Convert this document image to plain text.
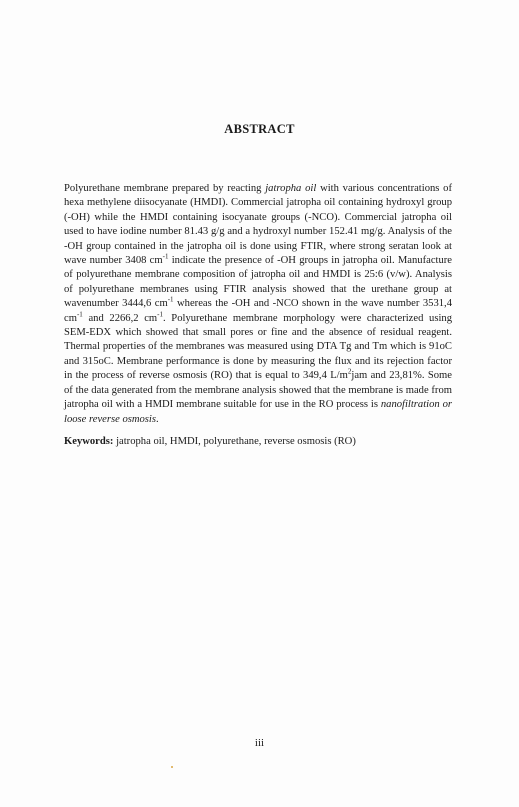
ABSTRACT
Polyurethane membrane prepared by reacting jatropha oil with various concentrations of hexa methylene diisocyanate (HMDI). Commercial jatropha oil containing hydroxyl group (-OH) while the HMDI containing isocyanate groups (-NCO). Commercial jatropha oil used to have iodine number 81.43 g/g and a hydroxyl number 152.41 mg/g. Analysis of the -OH group contained in the jatropha oil is done using FTIR, where strong seratan look at wave number 3408 $cm^{-1}$ indicate the presence of -OH groups in jatropha oil. Manufacture of polyurethane membrane composition of jatropha oil and HMDI is 25:6 (v/w). Analysis of polyurethane membranes using FTIR analysis showed that the urethane group at wavenumber 3444,6 $cm^{-1}$ whereas the -OH and -NCO shown in the wave number 3531,4 $cm^{-1}$ and 2266,2 $cm^{-1}$. Polyurethane membrane morphology were characterized using SEM-EDX which showed that small pores or fine and the absence of residual reagent. Thermal properties of the membranes was measured using DTA Tg and Tm which is 91oC and 315oC. Membrane performance is done by measuring the flux and its rejection factor in the process of reverse osmosis (RO) that is equal to 349,4 $L/m^2jam$ and 23,81%. Some of the data generated from the membrane analysis showed that the membrane is made from jatropha oil with a HMDI membrane suitable for use in the RO process is nanofiltration or loose reverse osmosis.
Keywords: jatropha oil, HMDI, polyurethane, reverse osmosis (RO)
iii
